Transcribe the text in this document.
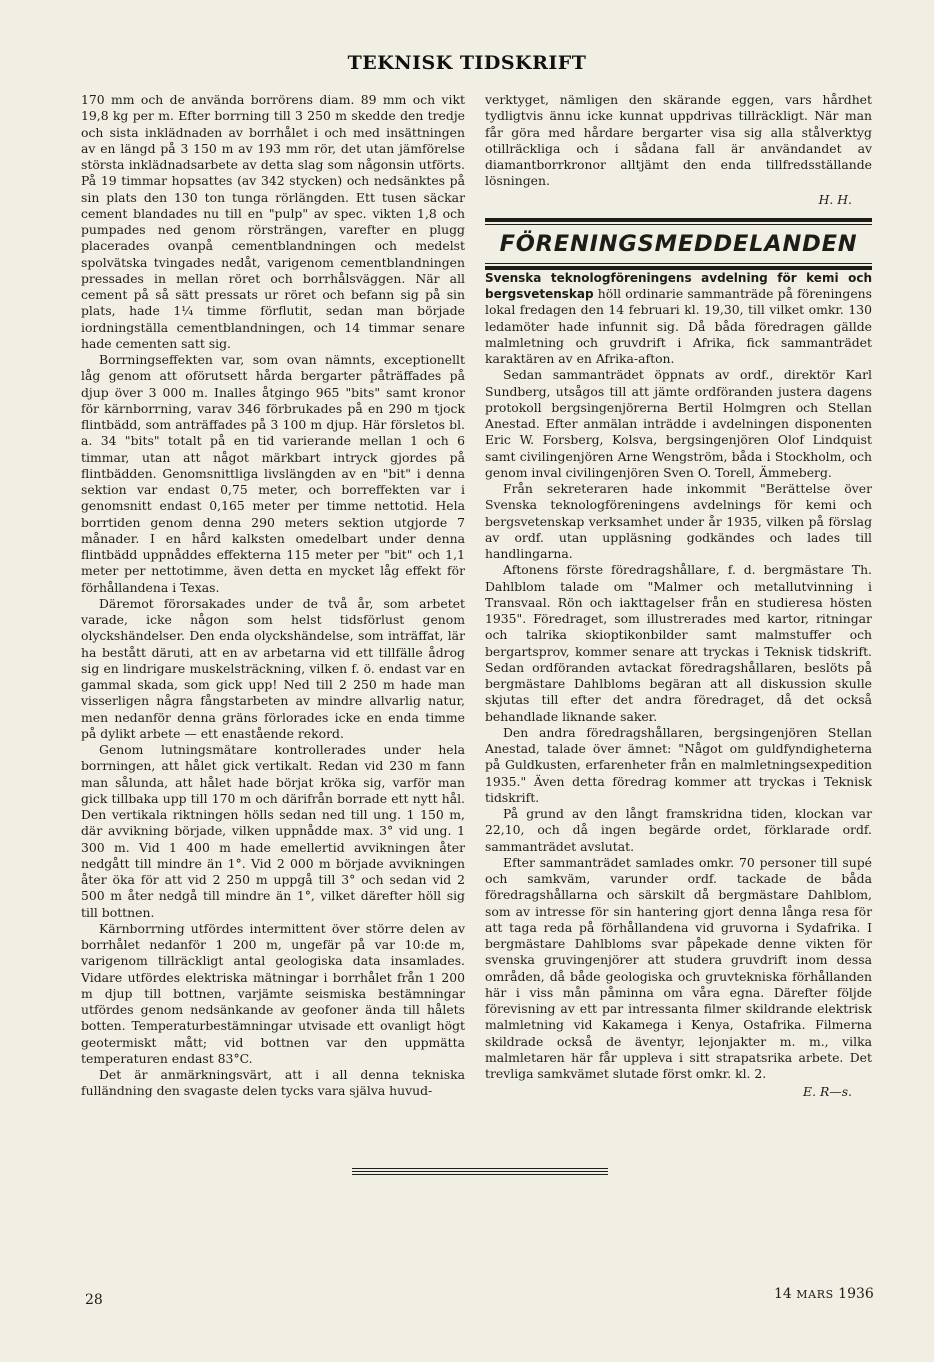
TEKNISK TIDSKRIFT

170 mm och de använda borrörens diam. 89 mm och vikt 19,8 kg per m. Efter borrning till 3 250 m skedde den tredje och sista inklädnaden av borrhålet i och med insättningen av en längd på 3 150 m av 193 mm rör, det utan jämförelse största inklädnadsarbete av detta slag som någonsin utförts. På 19 timmar hopsattes (av 342 stycken) och nedsänktes på sin plats den 130 ton tunga rörlängden. Ett tusen säckar cement blandades nu till en "pulp" av spec. vikten 1,8 och pumpades ned genom rörsträngen, varefter en plugg placerades ovanpå cementblandningen och medelst spolvätska tvingades nedåt, varigenom cementblandningen pressades in mellan röret och borrhålsväggen. När all cement på så sätt pressats ur röret och befann sig på sin plats, hade 1¼ timme förflutit, sedan man började iordningställa cementblandningen, och 14 timmar senare hade cementen satt sig.

Borrningseffekten var, som ovan nämnts, exceptionellt låg genom att oförutsett hårda bergarter påträffades på djup över 3 000 m. Inalles åtgingo 965 "bits" samt kronor för kärnborrning, varav 346 förbrukades på en 290 m tjock flintbädd, som anträffades på 3 100 m djup. Här försletos bl. a. 34 "bits" totalt på en tid varierande mellan 1 och 6 timmar, utan att något märkbart intryck gjordes på flintbädden. Genomsnittliga livslängden av en "bit" i denna sektion var endast 0,75 meter, och borreffekten var i genomsnitt endast 0,165 meter per timme nettotid. Hela borrtiden genom denna 290 meters sektion utgjorde 7 månader. I en hård kalksten omedelbart under denna flintbädd uppnåddes effekterna 115 meter per "bit" och 1,1 meter per nettotimme, även detta en mycket låg effekt för förhållandena i Texas.

Däremot förorsakades under de två år, som arbetet varade, icke någon som helst tidsförlust genom olyckshändelser. Den enda olyckshändelse, som inträffat, lär ha bestått däruti, att en av arbetarna vid ett tillfälle ådrog sig en lindrigare muskelsträckning, vilken f. ö. endast var en gammal skada, som gick upp! Ned till 2 250 m hade man visserligen några fångstarbeten av mindre allvarlig natur, men nedanför denna gräns förlorades icke en enda timme på dylikt arbete — ett enastående rekord.

Genom lutningsmätare kontrollerades under hela borrningen, att hålet gick vertikalt. Redan vid 230 m fann man sålunda, att hålet hade börjat kröka sig, varför man gick tillbaka upp till 170 m och därifrån borrade ett nytt hål. Den vertikala riktningen hölls sedan ned till ung. 1 150 m, där avvikning började, vilken uppnådde max. 3° vid ung. 1 300 m. Vid 1 400 m hade emellertid avvikningen åter nedgått till mindre än 1°. Vid 2 000 m började avvikningen åter öka för att vid 2 250 m uppgå till 3° och sedan vid 2 500 m åter nedgå till mindre än 1°, vilket därefter höll sig till bottnen.

Kärnborrning utfördes intermittent över större delen av borrhålet nedanför 1 200 m, ungefär på var 10:de m, varigenom tillräckligt antal geologiska data insamlades. Vidare utfördes elektriska mätningar i borrhålet från 1 200 m djup till bottnen, varjämte seismiska bestämningar utfördes genom nedsänkande av geofoner ända till hålets botten. Temperaturbestämningar utvisade ett ovanligt högt geotermiskt mått; vid bottnen var den uppmätta temperaturen endast 83°C.

Det är anmärkningsvärt, att i all denna tekniska fulländning den svagaste delen tycks vara själva huvud-

verktyget, nämligen den skärande eggen, vars hårdhet tydligtvis ännu icke kunnat uppdrivas tillräckligt. När man får göra med hårdare bergarter visa sig alla stålverktyg otillräckliga och i sådana fall är användandet av diamantborrkronor alltjämt den enda tillfredsställande lösningen.

H. H.
FÖRENINGSMEDDELANDEN

Svenska teknologföreningens avdelning för kemi och bergsvetenskap höll ordinarie sammanträde på föreningens lokal fredagen den 14 februari kl. 19,30, till vilket omkr. 130 ledamöter hade infunnit sig. Då båda föredragen gällde malmletning och gruvdrift i Afrika, fick sammanträdet karaktären av en Afrika-afton.

Sedan sammanträdet öppnats av ordf., direktör Karl Sundberg, utsågos till att jämte ordföranden justera dagens protokoll bergsingenjörerna Bertil Holmgren och Stellan Anestad. Efter anmälan inträdde i avdelningen disponenten Eric W. Forsberg, Kolsva, bergsingenjören Olof Lindquist samt civilingenjören Arne Wengström, båda i Stockholm, och genom inval civilingenjören Sven O. Torell, Ämmeberg.

Från sekreteraren hade inkommit "Berättelse över Svenska teknologföreningens avdelnings för kemi och bergsvetenskap verksamhet under år 1935, vilken på förslag av ordf. utan uppläsning godkändes och lades till handlingarna.

Aftonens förste föredragshållare, f. d. bergmästare Th. Dahlblom talade om "Malmer och metallutvinning i Transvaal. Rön och iakttagelser från en studieresa hösten 1935". Föredraget, som illustrerades med kartor, ritningar och talrika skioptikonbilder samt malmstuffer och bergartsprov, kommer senare att tryckas i Teknisk tidskrift. Sedan ordföranden avtackat föredragshållaren, beslöts på bergmästare Dahlbloms begäran att all diskussion skulle skjutas till efter det andra föredraget, då det också behandlade liknande saker.

Den andra föredragshållaren, bergsingenjören Stellan Anestad, talade över ämnet: "Något om guldfyndigheterna på Guldkusten, erfarenheter från en malmletningsexpedition 1935." Även detta föredrag kommer att tryckas i Teknisk tidskrift.

På grund av den långt framskridna tiden, klockan var 22,10, och då ingen begärde ordet, förklarade ordf. sammanträdet avslutat.

Efter sammanträdet samlades omkr. 70 personer till supé och samkväm, varunder ordf. tackade de båda föredragshållarna och särskilt då bergmästare Dahlblom, som av intresse för sin hantering gjort denna långa resa för att taga reda på förhållandena vid gruvorna i Sydafrika. I bergmästare Dahlbloms svar påpekade denne vikten för svenska gruvingenjörer att studera gruvdrift inom dessa områden, då både geologiska och gruvtekniska förhållanden här i viss mån påminna om våra egna. Därefter följde förevisning av ett par intressanta filmer skildrande elektrisk malmletning vid Kakamega i Kenya, Ostafrika. Filmerna skildrade också de äventyr, lejonjakter m. m., vilka malmletaren här får uppleva i sitt strapatsrika arbete. Det trevliga samkvämet slutade först omkr. kl. 2.

E. R—s.
28	14 MARS 1936
